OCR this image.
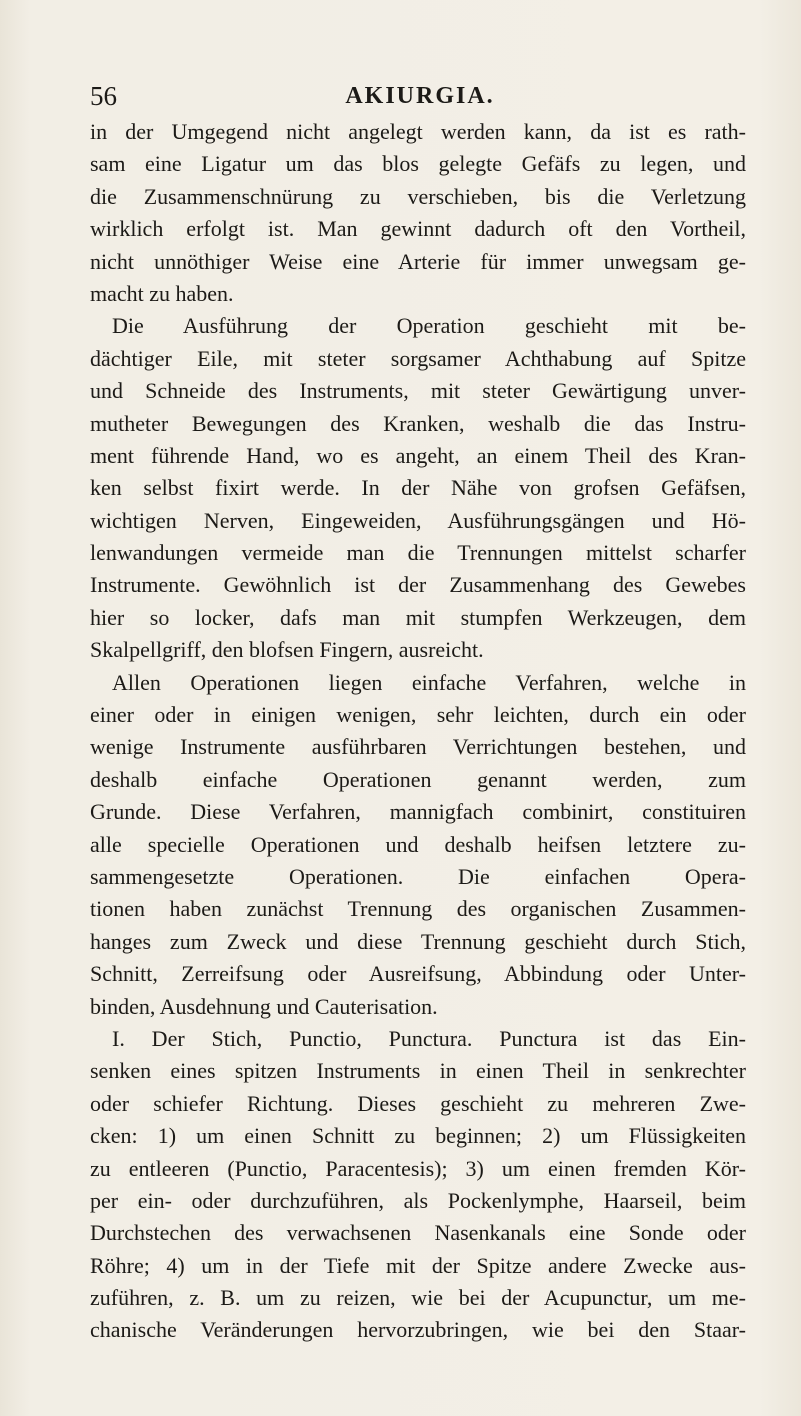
56	AKIURGIA.
in der Umgegend nicht angelegt werden kann, da ist es rath-
sam eine Ligatur um das blos gelegte Gefäfs zu legen, und
die Zusammenschnürung zu verschieben, bis die Verletzung
wirklich erfolgt ist. Man gewinnt dadurch oft den Vortheil,
nicht unnöthiger Weise eine Arterie für immer unwegsam ge-
macht zu haben.
Die Ausführung der Operation geschieht mit be-
dächtiger Eile, mit steter sorgsamer Achthabung auf Spitze
und Schneide des Instruments, mit steter Gewärtigung unver-
mutheter Bewegungen des Kranken, weshalb die das Instru-
ment führende Hand, wo es angeht, an einem Theil des Kran-
ken selbst fixirt werde. In der Nähe von grofsen Gefäfsen,
wichtigen Nerven, Eingeweiden, Ausführungsgängen und Hö-
lenwandungen vermeide man die Trennungen mittelst scharfer
Instrumente. Gewöhnlich ist der Zusammenhang des Gewebes
hier so locker, dafs man mit stumpfen Werkzeugen, dem
Skalpellgriff, den blofsen Fingern, ausreicht.
Allen Operationen liegen einfache Verfahren, welche in
einer oder in einigen wenigen, sehr leichten, durch ein oder
wenige Instrumente ausführbaren Verrichtungen bestehen, und
deshalb einfache Operationen genannt werden, zum
Grunde. Diese Verfahren, mannigfach combinirt, constituiren
alle specielle Operationen und deshalb heifsen letztere zu-
sammengesetzte Operationen. Die einfachen Opera-
tionen haben zunächst Trennung des organischen Zusammen-
hanges zum Zweck und diese Trennung geschieht durch Stich,
Schnitt, Zerreifsung oder Ausreifsung, Abbindung oder Unter-
binden, Ausdehnung und Cauterisation.
I. Der Stich, Punctio, Punctura. Punctura ist das Ein-
senken eines spitzen Instruments in einen Theil in senkrechter
oder schiefer Richtung. Dieses geschieht zu mehreren Zwe-
cken: 1) um einen Schnitt zu beginnen; 2) um Flüssigkeiten
zu entleeren (Punctio, Paracentesis); 3) um einen fremden Kör-
per ein- oder durchzuführen, als Pockenlymphe, Haarseil, beim
Durchstechen des verwachsenen Nasenkanals eine Sonde oder
Röhre; 4) um in der Tiefe mit der Spitze andere Zwecke aus-
zuführen, z. B. um zu reizen, wie bei der Acupunctur, um me-
chanische Veränderungen hervorzubringen, wie bei den Staar-
